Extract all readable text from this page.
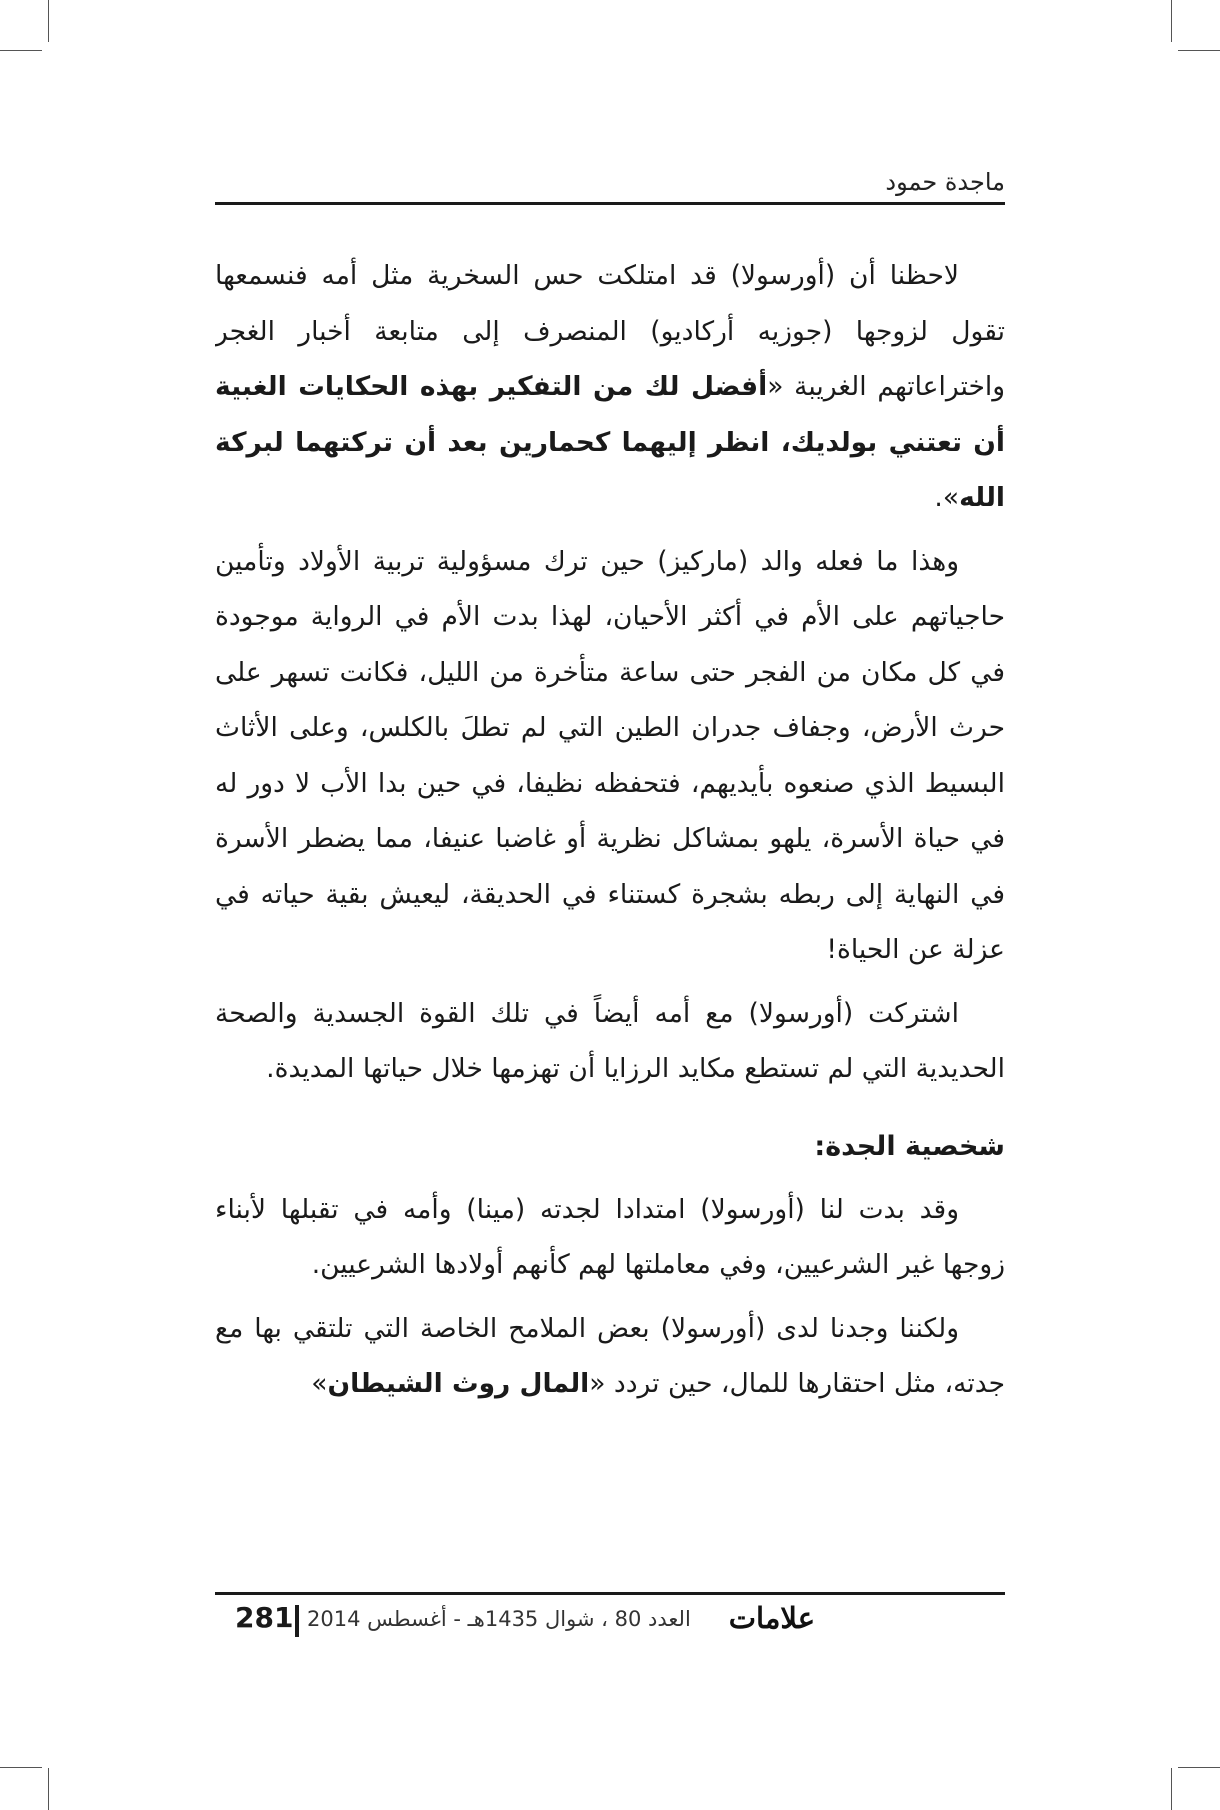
ماجدة حمود

لاحظنا أن (أورسولا) قد امتلكت حس السخرية مثل أمه فنسمعها تقول لزوجها (جوزيه أركاديو) المنصرف إلى متابعة أخبار الغجر واختراعاتهم الغريبة «أفضل لك من التفكير بهذه الحكايات الغبية أن تعتني بولديك، انظر إليهما كحمارين بعد أن تركتهما لبركة الله».

وهذا ما فعله والد (ماركيز) حين ترك مسؤولية تربية الأولاد وتأمين حاجياتهم على الأم في أكثر الأحيان، لهذا بدت الأم في الرواية موجودة في كل مكان من الفجر حتى ساعة متأخرة من الليل، فكانت تسهر على حرث الأرض، وجفاف جدران الطين التي لم تطلَ بالكلس، وعلى الأثاث البسيط الذي صنعوه بأيديهم، فتحفظه نظيفا، في حين بدا الأب لا دور له في حياة الأسرة، يلهو بمشاكل نظرية أو غاضبا عنيفا، مما يضطر الأسرة في النهاية إلى ربطه بشجرة كستناء في الحديقة، ليعيش بقية حياته في عزلة عن الحياة!

اشتركت (أورسولا) مع أمه أيضاً في تلك القوة الجسدية والصحة الحديدية التي لم تستطع مكايد الرزايا أن تهزمها خلال حياتها المديدة.

شخصية الجدة:

وقد بدت لنا (أورسولا) امتدادا لجدته (مينا) وأمه في تقبلها لأبناء زوجها غير الشرعيين، وفي معاملتها لهم كأنهم أولادها الشرعيين.

ولكننا وجدنا لدى (أورسولا) بعض الملامح الخاصة التي تلتقي بها مع جدته، مثل احتقارها للمال، حين تردد «المال روث الشيطان»

علامات
العدد 80 ، شوال 1435هـ - أغسطس 2014
281
